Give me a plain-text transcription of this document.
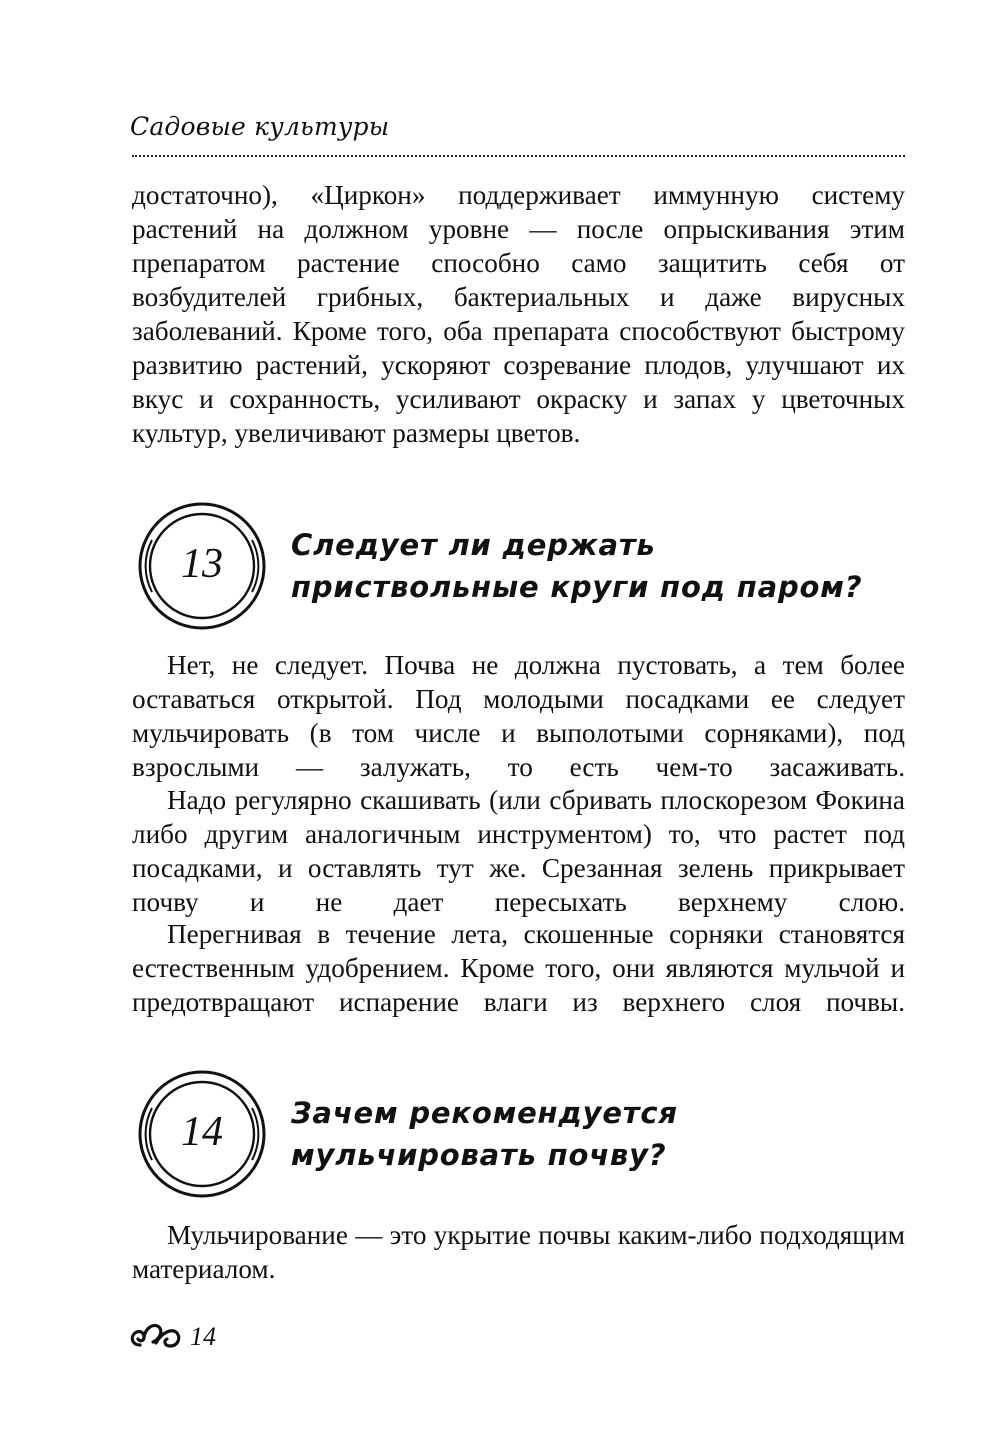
Садовые культуры

достаточно), «Циркон» поддерживает иммунную систему растений на должном уровне — после опрыскивания этим препаратом растение способно само защитить себя от возбудителей грибных, бактериальных и даже вирусных заболеваний. Кроме того, оба препарата способствуют быстрому развитию растений, ускоряют созревание плодов, улучшают их вкус и сохранность, усиливают окраску и запах у цветочных культур, увеличивают размеры цветов.

13	Следует ли держать приствольные круги под паром?

Нет, не следует. Почва не должна пустовать, а тем более оставаться открытой. Под молодыми посадками ее следует мульчировать (в том числе и выполотыми сорняками), под взрослыми — залужать, то есть чем-то засаживать.

Надо регулярно скашивать (или сбривать плоскорезом Фокина либо другим аналогичным инструментом) то, что растет под посадками, и оставлять тут же. Срезанная зелень прикрывает почву и не дает пересыхать верхнему слою.

Перегнивая в течение лета, скошенные сорняки становятся естественным удобрением. Кроме того, они являются мульчой и предотвращают испарение влаги из верхнего слоя почвы.

14	Зачем рекомендуется мульчировать почву?

Мульчирование — это укрытие почвы каким-либо подходящим материалом.

14
